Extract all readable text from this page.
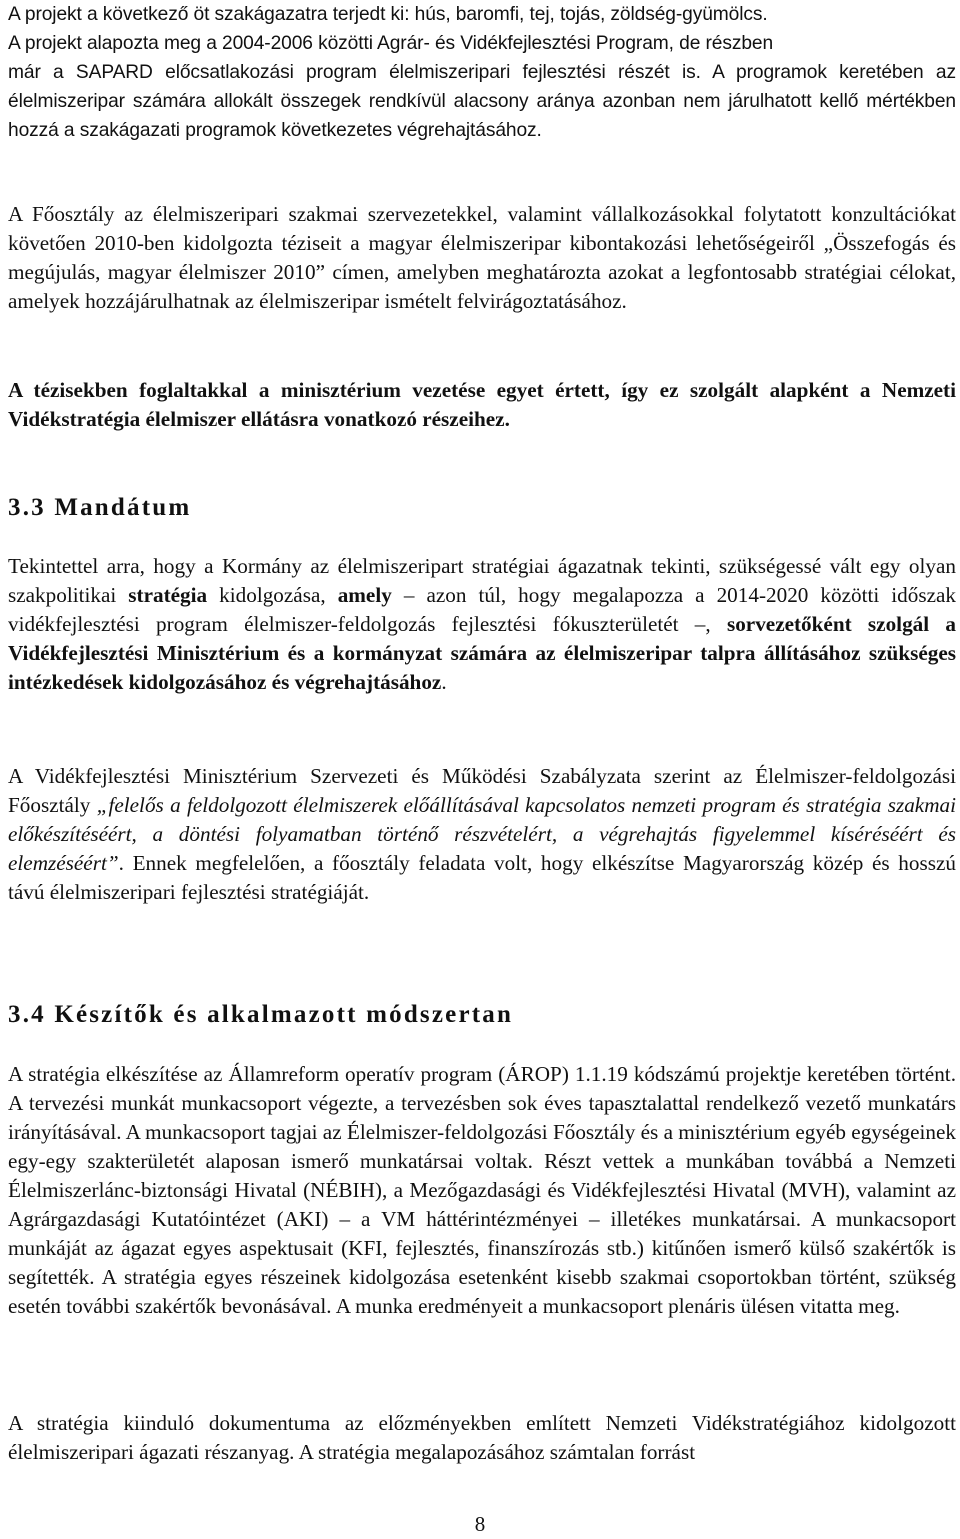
A projekt a következő öt szakágazatra terjedt ki: hús, baromfi, tej, tojás, zöldség-gyümölcs.
A projekt alapozta meg a 2004-2006 közötti Agrár- és Vidékfejlesztési Program, de részben
már a SAPARD előcsatlakozási program élelmiszeripari fejlesztési részét is. A programok keretében az élelmiszeripar számára allokált összegek rendkívül alacsony aránya azonban nem járulhatott kellő mértékben hozzá a szakágazati programok következetes végrehajtásához.

A Főosztály az élelmiszeripari szakmai szervezetekkel, valamint vállalkozásokkal folytatott konzultációkat követően 2010-ben kidolgozta téziseit a magyar élelmiszeripar kibontakozási lehetőségeiről „Összefogás és megújulás, magyar élelmiszer 2010” címen, amelyben meghatározta azokat a legfontosabb stratégiai célokat, amelyek hozzájárulhatnak az élelmiszeripar ismételt felvirágoztatásához.

A tézisekben foglaltakkal a minisztérium vezetése egyet értett, így ez szolgált alapként a Nemzeti Vidékstratégia élelmiszer ellátásra vonatkozó részeihez.

3.3 Mandátum

Tekintettel arra, hogy a Kormány az élelmiszeripart stratégiai ágazatnak tekinti, szükségessé vált egy olyan szakpolitikai stratégia kidolgozása, amely – azon túl, hogy megalapozza a 2014-2020 közötti időszak vidékfejlesztési program élelmiszer-feldolgozás fejlesztési fókuszterületét –, sorvezetőként szolgál a Vidékfejlesztési Minisztérium és a kormányzat számára az élelmiszeripar talpra állításához szükséges intézkedések kidolgozásához és végrehajtásához.

A Vidékfejlesztési Minisztérium Szervezeti és Működési Szabályzata szerint az Élelmiszer-feldolgozási Főosztály „felelős a feldolgozott élelmiszerek előállításával kapcsolatos nemzeti program és stratégia szakmai előkészítéséért, a döntési folyamatban történő részvételért, a végrehajtás figyelemmel kíséréséért és elemzéséért”. Ennek megfelelően, a főosztály feladata volt, hogy elkészítse Magyarország közép és hosszú távú élelmiszeripari fejlesztési stratégiáját.

3.4 Készítők és alkalmazott módszertan

A stratégia elkészítése az Államreform operatív program (ÁROP) 1.1.19 kódszámú projektje keretében történt. A tervezési munkát munkacsoport végezte, a tervezésben sok éves tapasztalattal rendelkező vezető munkatárs irányításával. A munkacsoport tagjai az Élelmiszer-feldolgozási Főosztály és a minisztérium egyéb egységeinek egy-egy szakterületét alaposan ismerő munkatársai voltak. Részt vettek a munkában továbbá a Nemzeti Élelmiszerlánc-biztonsági Hivatal (NÉBIH), a Mezőgazdasági és Vidékfejlesztési Hivatal (MVH), valamint az Agrárgazdasági Kutatóintézet (AKI) – a VM háttérintézményei – illetékes munkatársai. A munkacsoport munkáját az ágazat egyes aspektusait (KFI, fejlesztés, finanszírozás stb.) kitűnően ismerő külső szakértők is segítették. A stratégia egyes részeinek kidolgozása esetenként kisebb szakmai csoportokban történt, szükség esetén további szakértők bevonásával. A munka eredményeit a munkacsoport plenáris ülésen vitatta meg.

A stratégia kiinduló dokumentuma az előzményekben említett Nemzeti Vidékstratégiához kidolgozott élelmiszeripari ágazati részanyag. A stratégia megalapozásához számtalan forrást

8
